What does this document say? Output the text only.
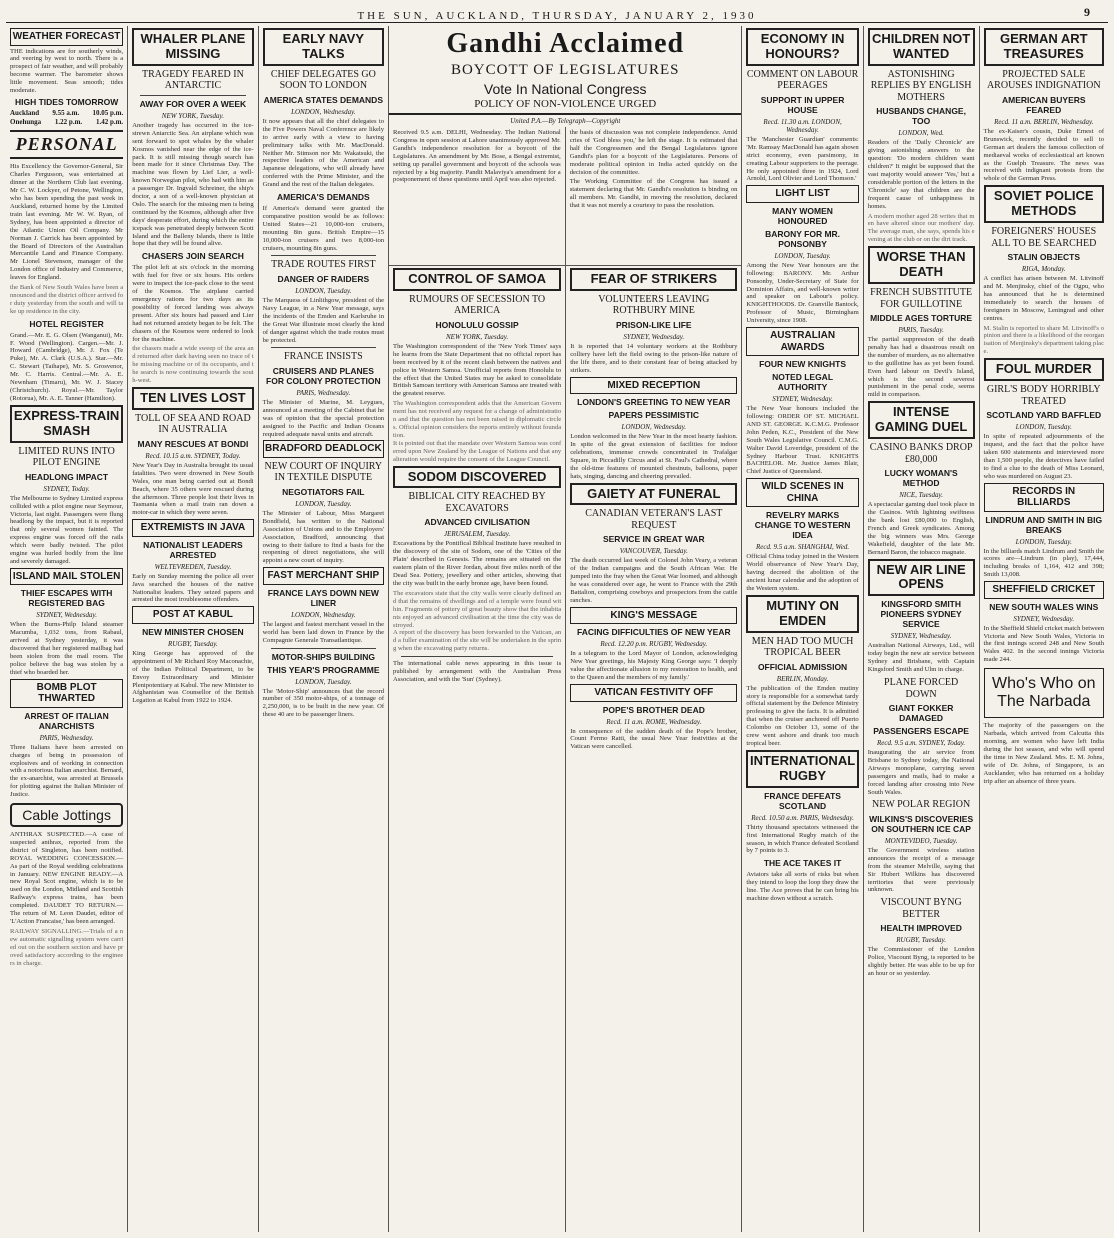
THE SUN, AUCKLAND, THURSDAY, JANUARY 2, 1930	9
WEATHER FORECAST

THE indications are for southerly winds, and veering by west to north. There is a prospect of fair weather, and will probably become warmer. The barometer shows little movement. Seas smooth; tides moderate.

HIGH TIDES TOMORROW
Auckland 9.55 a.m. 10.05 p.m.
Onehunga 1.22 p.m. 1.42 p.m.
PERSONAL

His Excellency the Governor-General, Sir Charles Fergusson, was entertained at dinner at the Northern Club last evening. Mr C. W. Lockyer, of Petone, Wellington, who has been spending the past week in Auckland, returned home by the Limited train last evening. Mr W. W. Ryan, of Sydney, has been appointed a director of the Atlantic Union Oil Company. Mr Norman J. Carrick has been appointed by the Board of Directors of the Australian Mercantile Land and Finance Company. Mr Lionel Stevenson, manager of the London office of Industry and Commerce, leaves for England.

the Bank of New South Wales have been announced and the district officer arrived for duty yesterday from the south and will take up residence in the city.

HOTEL REGISTER

Grand.—Mr. E. G. Olsen (Wanganui), Mr. F. Wood (Wellington). Cargen.—Mr. J. Howard (Cambridge), Mr. J. Fox (Te Puke), Mr. A. Clark (U.S.A.). Star.—Mr. C. Stewart (Taihape), Mr. S. Grosvenor, Mr. C. Harris. Central.—Mr. A. E. Newnham (Timaru), Mr. W. J. Stacey (Christchurch). Royal.—Mr. Taylor (Rotorua), Mr. A. E. Tanner (Hamilton).

EXPRESS-TRAIN SMASH
LIMITED RUNS INTO PILOT ENGINE
HEADLONG IMPACT
SYDNEY, Today.

The Melbourne to Sydney Limited express collided with a pilot engine near Seymour, Victoria, last night. Passengers were flung headlong by the impact, but it is reported that only several women fainted. The express engine was forced off the rails which were badly twisted. The pilot engine was hurled bodily from the line and severely damaged.

ISLAND MAIL STOLEN
THIEF ESCAPES WITH REGISTERED BAG
SYDNEY, Wednesday.

When the Burns-Philp Island steamer Macumba, 1,032 tons, from Rabaul, arrived at Sydney yesterday, it was discovered that her registered mailbag had been stolen from the mail room. The police believe the bag was stolen by a thief who boarded her.

BOMB PLOT THWARTED
ARREST OF ITALIAN ANARCHISTS
PARIS, Wednesday.

Three Italians have been arrested on charges of being in possession of explosives and of working in connection with a notorious Italian anarchist. Bernard, the ex-anarchist, was arrested at Brussels for plotting against the Italian Minister of Justice.

Cable Jottings

ANTHRAX SUSPECTED.—A case of suspected anthrax, reported from the district of Singleton, has been notified. ROYAL WEDDING CONCESSION.—As part of the Royal wedding celebrations in January. NEW ENGINE READY.—A new Royal Scot engine, which is to be used on the London, Midland and Scottish Railway's express trains, has been completed. DAUDET TO RETURN.—The return of M. Leon Daudet, editor of 'L'Action Francaise,' has been arranged.

RAILWAY SIGNALLING.—Trials of a new automatic signalling system were carried out on the southern section and have proved satisfactory according to the engineers in charge.

WHALER PLANE MISSING
TRAGEDY FEARED IN ANTARCTIC
AWAY FOR OVER A WEEK
NEW YORK, Tuesday.

Another tragedy has occurred in the ice-strewn Antarctic Sea. An airplane which was sent forward to spot whales by the whaler Kosmos vanished near the edge of the ice-pack. It is still missing though search has been made for it since Christmas Day. The machine was flown by Lief Lier, a well-known Norwegian pilot, who had with him as a passenger Dr. Ingvald Schreiner, the ship's doctor, a son of a well-known physician at Oslo. The search for the missing men is being continued by the Kosmos, although after five days' desperate effort, during which the entire icepack was penetrated deeply between Scott Island and the Balleny Islands, there is little hope that they will be found alive.

CHASERS JOIN SEARCH

The pilot left at six o'clock in the morning with fuel for five or six hours. His orders were to inspect the ice-pack close to the west of the Kosmos. The airplane carried emergency rations for two days as its possibility of forced landing was always present. After six hours had passed and Lier had not returned anxiety began to be felt. The chasers of the Kosmos were ordered to look for the machine.

the chasers made a wide sweep of the area and returned after dark having seen no trace of the missing machine or of its occupants, and the search is now continuing towards the south-west.

TEN LIVES LOST
TOLL OF SEA AND ROAD IN AUSTRALIA
MANY RESCUES AT BONDI
Recd. 10.15 a.m. SYDNEY, Today.

New Year's Day in Australia brought its usual fatalities. Two were drowned in New South Wales, one man being carried out at Bondi Beach, where 35 others were rescued during the afternoon. Three people lost their lives in Tasmania when a mail train ran down a motor-car in which they were seven.

EXTREMISTS IN JAVA
NATIONALIST LEADERS ARRESTED
WELTEVREDEN, Tuesday.

Early on Sunday morning the police all over Java searched the houses of the native Nationalist leaders. They seized papers and arrested the most troublesome offenders.

POST AT KABUL
NEW MINISTER CHOSEN
RUGBY, Tuesday.

King George has approved of the appointment of Mr Richard Roy Maconachie, of the Indian Political Department, to be Envoy Extraordinary and Minister Plenipotentiary at Kabul. The new Minister to Afghanistan was Counsellor of the British Legation at Kabul from 1922 to 1924.

EARLY NAVY TALKS
CHIEF DELEGATES GO SOON TO LONDON
AMERICA STATES DEMANDS
LONDON, Wednesday.

It now appears that all the chief delegates to the Five Powers Naval Conference are likely to arrive early with a view to having preliminary talks with Mr. MacDonald. Neither Mr. Stimson nor Mr. Wakatsuki, the respective leaders of the American and Japanese delegations, who will already have conferred with the Prime Minister, and the Grand and the rest of the Italian delegates.

AMERICA'S DEMANDS

If America's demand were granted the comparative position would be as follows: United States—21 10,000-ton cruisers, mounting 8in guns. British Empire—15 10,000-ton cruisers and two 8,000-ton cruisers, mounting 8in guns.

TRADE ROUTES FIRST
DANGER OF RAIDERS
LONDON, Tuesday.

The Marquess of Linlithgow, president of the Navy League, in a New Year message, says the incidents of the Emden and Karlsruhe in the Great War illustrate most clearly the kind of danger against which the trade routes must be protected.

FRANCE INSISTS
CRUISERS AND PLANES FOR COLONY PROTECTION
PARIS, Wednesday.

The Minister of Marine, M. Leygues, announced at a meeting of the Cabinet that he was of opinion that the special protection assigned to the Pacific and Indian Oceans required adequate naval units and aircraft.

BRADFORD DEADLOCK
NEW COURT OF INQUIRY IN TEXTILE DISPUTE
NEGOTIATORS FAIL
LONDON, Tuesday.

The Minister of Labour, Miss Margaret Bondfield, has written to the National Association of Unions and to the Employers' Association, Bradford, announcing that owing to their failure to find a basis for the reopening of direct negotiations, she will appoint a new court of inquiry.

FAST MERCHANT SHIP
FRANCE LAYS DOWN NEW LINER
LONDON, Wednesday.

The largest and fastest merchant vessel in the world has been laid down in France by the Compagnie Generale Transatlantique.

MOTOR-SHIPS BUILDING
THIS YEAR'S PROGRAMME
LONDON, Tuesday.

The 'Motor-Ship' announces that the record number of 350 motor-ships, of a tonnage of 2,250,000, is to be built in the new year. Of these 40 are to be passenger liners.

Gandhi Acclaimed
BOYCOTT OF LEGISLATURES
Vote In National Congress
POLICY OF NON-VIOLENCE URGED
United P.A.—By Telegraph—Copyright

Received 9.5 a.m. DELHI, Wednesday. The Indian National Congress in open session at Lahore unanimously approved Mr. Gandhi's independence resolution for a boycott of the Legislatures. An amendment by Mr. Bose, a Bengal extremist, setting up parallel government and boycott of the schools was rejected by a big majority. Pandit Malaviya's amendment for a postponement of these questions until April was also rejected.

the basis of discussion was not complete independence. Amid cries of 'God bless you,' he left the stage. It is estimated that half the Congressmen and the Bengal Legislatures ignore Gandhi's plan for a boycott of the Legislatures. Persons of moderate political opinion in India acted quickly on the decision of the committee.

The Working Committee of the Congress has issued a statement declaring that Mr. Gandhi's resolution is binding on all members. Mr. Gandhi, in moving the resolution, declared that it was not merely a courtesy to pass the resolution.

CONTROL OF SAMOA
RUMOURS OF SECESSION TO AMERICA
HONOLULU GOSSIP
NEW YORK, Tuesday.

The Washington correspondent of the 'New York Times' says he learns from the State Department that no official report has been received by it of the recent clash between the natives and police in Western Samoa. Unofficial reports from Honolulu to the effect that the United States may be asked to consolidate British Samoan territory with American Samoa are treated with the greatest reserve.

The Washington correspondent adds that the American Government has not received any request for a change of administration and that the question has not been raised in diplomatic circles. Official opinion considers the reports entirely without foundation.

It is pointed out that the mandate over Western Samoa was conferred upon New Zealand by the League of Nations and that any alteration would require the consent of the League Council.

SODOM DISCOVERED
BIBLICAL CITY REACHED BY EXCAVATORS
ADVANCED CIVILISATION
JERUSALEM, Tuesday.

Excavations by the Pontifical Biblical Institute have resulted in the discovery of the site of Sodom, one of the 'Cities of the Plain' described in Genesis. The remains are situated on the eastern plain of the River Jordan, about five miles north of the Dead Sea. Pottery, jewellery and other articles, showing that the city was built in the early bronze age, have been found.

The excavators state that the city walls were clearly defined and that the remains of dwellings and of a temple were found within. Fragments of pottery of great beauty show that the inhabitants enjoyed an advanced civilisation at the time the city was destroyed.

A report of the discovery has been forwarded to the Vatican, and a fuller examination of the site will be undertaken in the spring when the excavating party returns.

The international cable news appearing in this issue is published by arrangement with the Australian Press Association, and with the 'Sun' (Sydney).

FEAR OF STRIKERS
VOLUNTEERS LEAVING ROTHBURY MINE
PRISON-LIKE LIFE
SYDNEY, Wednesday.

It is reported that 14 voluntary workers at the Rothbury colliery have left the field owing to the prison-like nature of the life there, and to their constant fear of being attacked by strikers.

MIXED RECEPTION
LONDON'S GREETING TO NEW YEAR
PAPERS PESSIMISTIC
LONDON, Wednesday.

London welcomed in the New Year in the most hearty fashion. In spite of the great extension of facilities for indoor celebrations, immense crowds concentrated in Trafalgar Square, in Piccadilly Circus and at St. Paul's Cathedral, where the old-time features of mounted chestnuts, balloons, paper hats, singing, dancing and cheering prevailed.

GAIETY AT FUNERAL
CANADIAN VETERAN'S LAST REQUEST
SERVICE IN GREAT WAR
VANCOUVER, Tuesday.

The death occurred last week of Colonel John Veary, a veteran of the Indian campaigns and the South African War. He jumped into the fray when the Great War loomed, and although he was considered over age, he went to France with the 29th Battalion, comprising cowboys and prospectors from the cattle ranches.

KING'S MESSAGE
FACING DIFFICULTIES OF NEW YEAR
Recd. 12.20 p.m. RUGBY, Wednesday.

In a telegram to the Lord Mayor of London, acknowledging New Year greetings, his Majesty King George says: 'I deeply value the affectionate allusion to my restoration to health, and to the Queen and the members of my family.'

VATICAN FESTIVITY OFF
POPE'S BROTHER DEAD
Recd. 11 a.m. ROME, Wednesday.

In consequence of the sudden death of the Pope's brother, Count Fermo Ratti, the usual New Year festivities at the Vatican were cancelled.

ECONOMY IN HONOURS?
COMMENT ON LABOUR PEERAGES
SUPPORT IN UPPER HOUSE
Recd. 11.30 a.m. LONDON, Wednesday.

The 'Manchester Guardian' comments: 'Mr. Ramsay MacDonald has again shown strict economy, even parsimony, in creating Labour supporters to the peerage. He only appointed three in 1924, Lord Arnold, Lord Olivier and Lord Thomson.'

LIGHT LIST
MANY WOMEN HONOURED
BARONY FOR MR. PONSONBY
LONDON, Tuesday.

Among the New Year honours are the following: BARONY. Mr. Arthur Ponsonby, Under-Secretary of State for Dominion Affairs, and well-known writer and speaker on Labour's policy. KNIGHTHOODS. Dr. Granville Bantock, Professor of Music, Birmingham University, since 1908.

AUSTRALIAN AWARDS
FOUR NEW KNIGHTS
NOTED LEGAL AUTHORITY
SYDNEY, Wednesday.

The New Year honours included the following: ORDER OF ST. MICHAEL AND ST. GEORGE. K.C.M.G. Professor John Peden, K.C., President of the New South Wales Legislative Council. C.M.G. Walter David Loveridge, president of the Sydney Harbour Trust. KNIGHTS BACHELOR. Mr. Justice James Blair, Chief Justice of Queensland.

WILD SCENES IN CHINA
REVELRY MARKS CHANGE TO WESTERN IDEA
Recd. 9.5 a.m. SHANGHAI, Wed.

Official China today joined in the Western World observance of New Year's Day, having decreed the abolition of the ancient lunar calendar and the adoption of the Western system.

MUTINY ON EMDEN
MEN HAD TOO MUCH TROPICAL BEER
OFFICIAL ADMISSION
BERLIN, Monday.

The publication of the Emden mutiny story is responsible for a somewhat tardy official statement by the Defence Ministry professing to give the facts. It is admitted that when the cruiser anchored off Puerto Colombo on October 13, some of the crew went ashore and drank too much tropical beer.

INTERNATIONAL RUGBY
FRANCE DEFEATS SCOTLAND
Recd. 10.50 a.m. PARIS, Wednesday.

Thirty thousand spectators witnessed the first International Rugby match of the season, in which France defeated Scotland by 7 points to 3.

THE ACE TAKES IT

Aviators take all sorts of risks but when they intend to loop the loop they draw the line. The Ace proves that he can bring his machine down without a scratch.

CHILDREN NOT WANTED
ASTONISHING REPLIES BY ENGLISH MOTHERS
HUSBANDS CHANGE, TOO
LONDON, Wed.

Readers of the 'Daily Chronicle' are giving astonishing answers to the question: 'Do modern children want children?' It might be supposed that the vast majority would answer 'Yes,' but a considerable portion of the letters in the 'Chronicle' say that children are the frequent cause of unhappiness in homes.

A modern mother aged 28 writes that men have altered since our mothers' day. The average man, she says, spends his evening at the club or on the dirt track.

WORSE THAN DEATH
FRENCH SUBSTITUTE FOR GUILLOTINE
MIDDLE AGES TORTURE
PARIS, Tuesday.

The partial suppression of the death penalty has had a disastrous result on the number of murders, as no alternative to the guillotine has as yet been found. Even hard labour on Devil's Island, which is the second severest punishment in the penal code, seems mild in comparison.

INTENSE GAMING DUEL
CASINO BANKS DROP £80,000
LUCKY WOMAN'S METHOD
NICE, Tuesday.

A spectacular gaming duel took place in the Casinos. With lightning swiftness the bank lost £80,000 to English, French and Greek syndicates. Among the big winners was Mrs. George Wakefield, daughter of the late Mr. Bernard Baron, the tobacco magnate.

NEW AIR LINE OPENS
KINGSFORD SMITH PIONEERS SYDNEY SERVICE
SYDNEY, Wednesday.

Australian National Airways, Ltd., will today begin the new air service between Sydney and Brisbane, with Captain Kingsford Smith and Ulm in charge.

PLANE FORCED DOWN
GIANT FOKKER DAMAGED
PASSENGERS ESCAPE
Recd. 9.5 a.m. SYDNEY, Today.

Inaugurating the air service from Brisbane to Sydney today, the National Airways monoplane, carrying seven passengers and mails, had to make a forced landing after crossing into New South Wales.

NEW POLAR REGION
WILKINS'S DISCOVERIES ON SOUTHERN ICE CAP
MONTEVIDEO, Tuesday.

The Government wireless station announces the receipt of a message from the steamer Melville, saying that Sir Hubert Wilkins has discovered territories that were previously unknown.

VISCOUNT BYNG BETTER
HEALTH IMPROVED
RUGBY, Tuesday.

The Commissioner of the London Police, Viscount Byng, is reported to be slightly better. He was able to be up for an hour or so yesterday.

GERMAN ART TREASURES
PROJECTED SALE AROUSES INDIGNATION
AMERICAN BUYERS FEARED
Recd. 11 a.m. BERLIN, Wednesday.

The ex-Kaiser's cousin, Duke Ernest of Brunswick, recently decided to sell to German art dealers the famous collection of mediaeval works of ecclesiastical art known as the Guelph Treasure. The news was received with indignant protests from the whole of the German Press.

SOVIET POLICE METHODS
FOREIGNERS' HOUSES ALL TO BE SEARCHED
STALIN OBJECTS
RIGA, Monday.

A conflict has arisen between M. Litvinoff and M. Menjinsky, chief of the Ogpu, who has announced that he is determined immediately to search the houses of foreigners in Moscow, Leningrad and other centres.

M. Stalin is reported to share M. Litvinoff's opinion and there is a likelihood of the reorganisation of Menjinsky's department taking place.

FOUL MURDER
GIRL'S BODY HORRIBLY TREATED
SCOTLAND YARD BAFFLED
LONDON, Tuesday.

In spite of repeated adjournments of the inquest, and the fact that the police have taken 600 statements and interviewed more than 1,500 people, the detectives have failed to find a clue to the death of Miss Leonard, who was murdered on August 23.

RECORDS IN BILLIARDS
LINDRUM AND SMITH IN BIG BREAKS
LONDON, Tuesday.

In the billiards match Lindrum and Smith the scores are—Lindrum (in play), 17,444, including breaks of 1,164, 412 and 398; Smith 13,008.

SHEFFIELD CRICKET
NEW SOUTH WALES WINS
SYDNEY, Wednesday.

In the Sheffield Shield cricket match between Victoria and New South Wales, Victoria in the first innings scored 248 and New South Wales 402. In the second innings Victoria made 244.

Who's Who on
The Narbada

The majority of the passengers on the Narbada, which arrived from Calcutta this morning, are women who have left India during the hot season, and who will spend the time in New Zealand. Mrs. E. M. Johns, wife of Dr. Johns, of Singapore, is an Aucklander, who has returned on a holiday trip after an absence of three years.
